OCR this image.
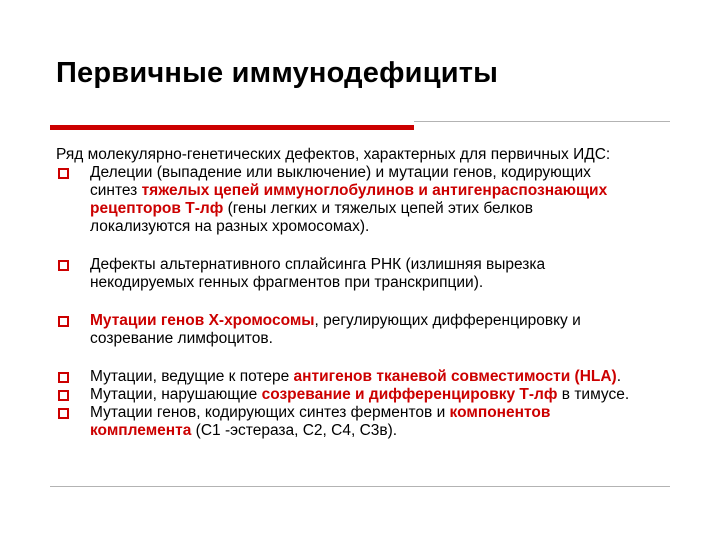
Первичные иммунодефициты
Ряд молекулярно-генетических дефектов, характерных для первичных ИДС:
Делеции (выпадение или выключение) и мутации генов, кодирующих
синтез тяжелых цепей иммуноглобулинов и антигенраспознающих
рецепторов Т-лф (гены легких и тяжелых цепей этих белков
локализуются на разных хромосомах).
Дефекты альтернативного сплайсинга РНК (излишняя вырезка
некодируемых генных фрагментов при транскрипции).
Мутации генов Х-хромосомы, регулирующих дифференцировку и
созревание лимфоцитов.
Мутации, ведущие к потере антигенов тканевой совместимости (HLA).
Мутации, нарушающие созревание и дифференцировку Т-лф в тимусе.
Мутации генов, кодирующих синтез ферментов и компонентов
комплемента (С1 -эстераза, С2, С4, С3в).
